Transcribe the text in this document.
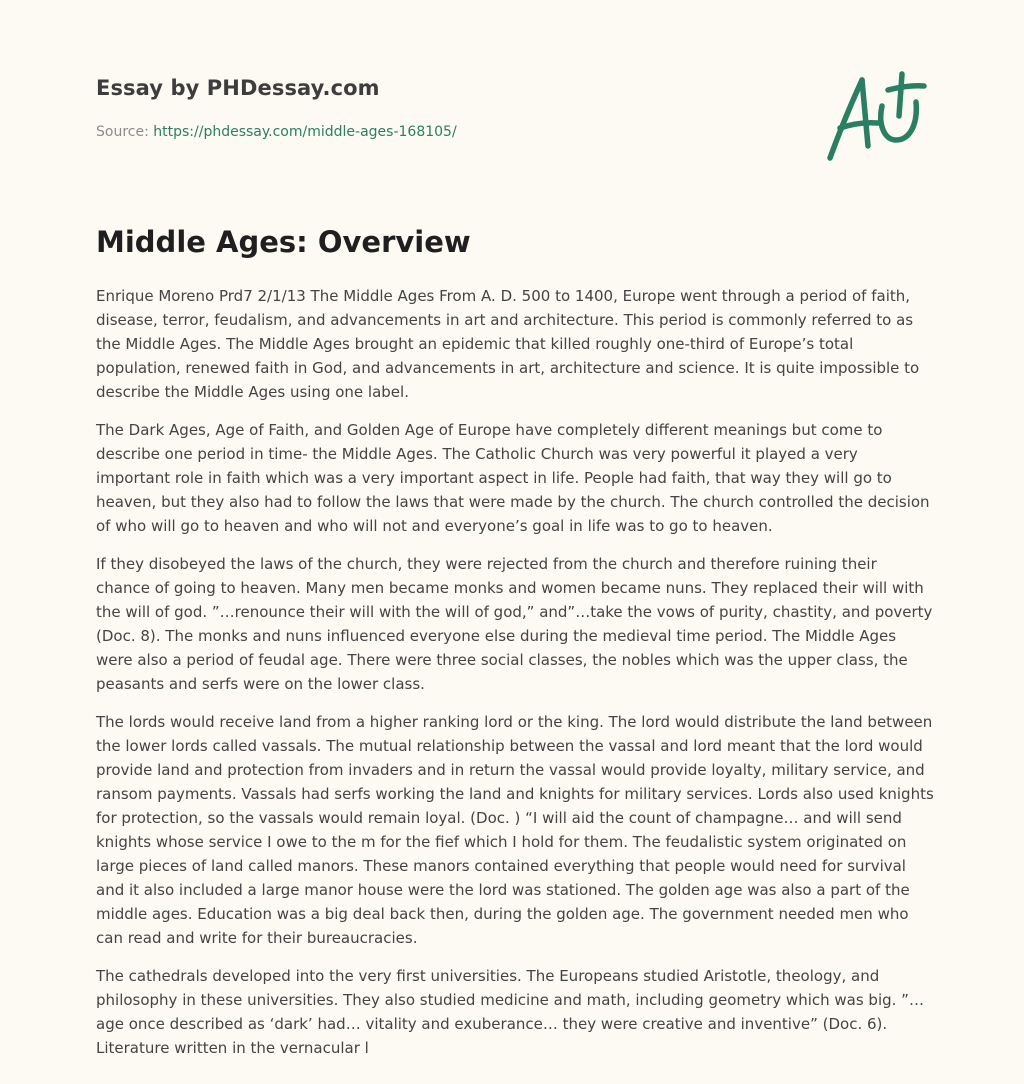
Essay by PHDessay.com
Source: https://phdessay.com/middle-ages-168105/
Middle Ages: Overview

Enrique Moreno Prd7 2/1/13 The Middle Ages From A. D. 500 to 1400, Europe went through a period of faith, disease, terror, feudalism, and advancements in art and architecture. This period is commonly referred to as the Middle Ages. The Middle Ages brought an epidemic that killed roughly one-third of Europe’s total population, renewed faith in God, and advancements in art, architecture and science. It is quite impossible to describe the Middle Ages using one label.

The Dark Ages, Age of Faith, and Golden Age of Europe have completely different meanings but come to describe one period in time- the Middle Ages. The Catholic Church was very powerful it played a very important role in faith which was a very important aspect in life. People had faith, that way they will go to heaven, but they also had to follow the laws that were made by the church. The church controlled the decision of who will go to heaven and who will not and everyone’s goal in life was to go to heaven.

If they disobeyed the laws of the church, they were rejected from the church and therefore ruining their chance of going to heaven. Many men became monks and women became nuns. They replaced their will with the will of god. ”…renounce their will with the will of god,” and”…take the vows of purity, chastity, and poverty (Doc. 8). The monks and nuns influenced everyone else during the medieval time period. The Middle Ages were also a period of feudal age. There were three social classes, the nobles which was the upper class, the peasants and serfs were on the lower class.

The lords would receive land from a higher ranking lord or the king. The lord would distribute the land between the lower lords called vassals. The mutual relationship between the vassal and lord meant that the lord would provide land and protection from invaders and in return the vassal would provide loyalty, military service, and ransom payments. Vassals had serfs working the land and knights for military services. Lords also used knights for protection, so the vassals would remain loyal. (Doc. ) “I will aid the count of champagne… and will send knights whose service I owe to the m for the fief which I hold for them. The feudalistic system originated on large pieces of land called manors. These manors contained everything that people would need for survival and it also included a large manor house were the lord was stationed. The golden age was also a part of the middle ages. Education was a big deal back then, during the golden age. The government needed men who can read and write for their bureaucracies.

The cathedrals developed into the very first universities. The Europeans studied Aristotle, theology, and philosophy in these universities. They also studied medicine and math, including geometry which was big. ”…age once described as ‘dark’ had… vitality and exuberance… they were creative and inventive” (Doc. 6). Literature written in the vernacular l
